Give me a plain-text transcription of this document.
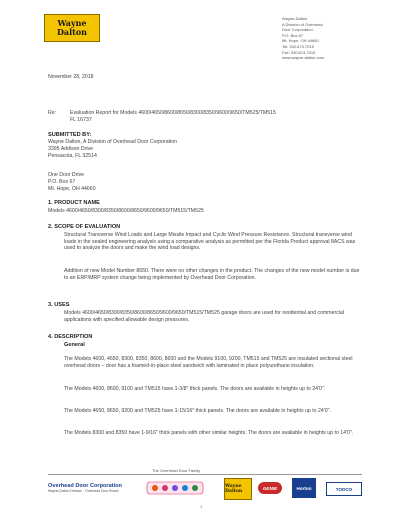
Wayne
Dalton
Wayne-Dalton
A Division of Overhead
Door Corporation
P.O. Box 67
Mt. Hope, OH 44660
Tel: 330.674.7015
Fax: 330.674.7015
www.wayne-dalton.com
November 28, 2018
Re:	Evaluation Report for Models 4600/4650/8600/8650/8300/8350/9600/9650/TM525/TM515
FL 16737
SUBMITTED BY:
Wayne Dalton, A Division of Overhead Door Corporation
3395 Addison Drive
Pensacola, FL 32514
One Door Drive
P.O. Box 67
Mt. Hope, OH 44660
1. PRODUCT NAME
Models 4600/4650/8300/8350/8600/8650/9600/9650/TM515/TM525
2. SCOPE OF EVALUATION
Structural Transverse Wind Loads and Large Missile Impact and Cyclic Wind Pressure Resistance. Structural transverse wind loads in the sealed engineering analysis using a comparative analysis as permitted per the Florida Product approval 8ACS was used to analyze the doors and make the wind load designs.
Addition of new Model Number 8650. There were no other changes in the product. The changes of the new model number is due to an ERP/MRP system change being implemented by Overhead Door Corporation.
3. USES
Models 4600/4650/8300/8350/8600/8650/9600/9650/TM515/TM525 garage doors are used for residential and commercial applications with specified allowable design pressures.
4. DESCRIPTION
General
The Models 4600, 4650, 8300, 8350, 8600, 8650 and the Models 9100, 9200, TM515 and TM525 are insulated sectional steel overhead doors – door has a foamed-in-place steel sandwich with laminated in place polyurethane insulation.
The Models 4600, 8600, 9100 and TM515 have 1-3/8" thick panels. The doors are available in heights up to 24'0".
The Models 4650, 8650, 9200 and TM525 have 1-15/16" thick panels. The doors are available in heights up to 24'0".
The Models 8300 and 8350 have 1-9/16" thick panels with other similar heights. The doors are available in heights up to 14'0".
The Overhead Door Family
Overhead Door Corporation
Wayne-Dalton Division · Overhead Door Brand
Wayne Dalton
GENIE	Horton	TODCO
1
